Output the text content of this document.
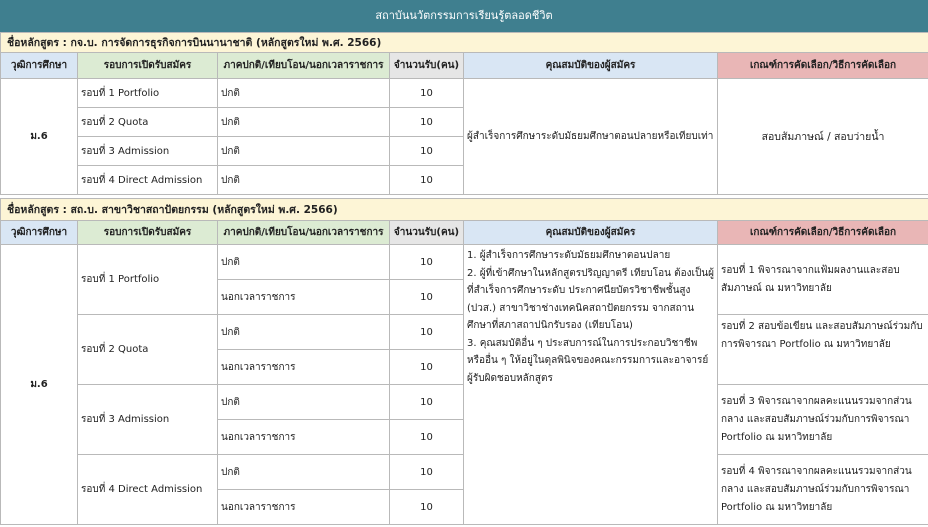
สถาบันนวัตกรรมการเรียนรู้ตลอดชีวิต
ชื่อหลักสูตร : กจ.บ. การจัดการธุรกิจการบินนานาชาติ (หลักสูตรใหม่ พ.ศ. 2566)					
วุฒิการศึกษา	รอบการเปิดรับสมัคร	ภาคปกติ/เทียบโอน/นอกเวลาราชการ	จำนวนรับ(คน)	คุณสมบัติของผู้สมัคร	เกณฑ์การคัดเลือก/วิธีการคัดเลือก
ม.6	รอบที่ 1 Portfolio	ปกติ	10	ผู้สำเร็จการศึกษาระดับมัธยมศึกษาตอนปลายหรือเทียบเท่า	สอบสัมภาษณ์ / สอบว่ายน้ำ
	รอบที่ 2 Quota	ปกติ	10		
	รอบที่ 3 Admission	ปกติ	10		
	รอบที่ 4 Direct Admission	ปกติ	10		
ชื่อหลักสูตร : สถ.บ. สาขาวิชาสถาปัตยกรรม (หลักสูตรใหม่ พ.ศ. 2566)					
วุฒิการศึกษา	รอบการเปิดรับสมัคร	ภาคปกติ/เทียบโอน/นอกเวลาราชการ	จำนวนรับ(คน)	คุณสมบัติของผู้สมัคร	เกณฑ์การคัดเลือก/วิธีการคัดเลือก
ม.6	รอบที่ 1 Portfolio	ปกติ	10	1. ผู้สำเร็จการศึกษาระดับมัธยมศึกษาตอนปลาย
2. ผู้ที่เข้าศึกษาในหลักสูตรปริญญาตรี เทียบโอน ต้องเป็นผู้ที่สำเร็จการศึกษาระดับ ประกาศนียบัตรวิชาชีพชั้นสูง (ปวส.) สาขาวิชาช่างเทคนิคสถาปัตยกรรม จากสถานศึกษาที่สภาสถาปนิกรับรอง (เทียบโอน)
3. คุณสมบัติอื่น ๆ ประสบการณ์ในการประกอบวิชาชีพ หรืออื่น ๆ ให้อยู่ในดุลพินิจของคณะกรรมการและอาจารย์ผู้รับผิดชอบหลักสูตร	รอบที่ 1 พิจารณาจากแฟ้มผลงานและสอบสัมภาษณ์ ณ มหาวิทยาลัย
		นอกเวลาราชการ	10		
	รอบที่ 2 Quota	ปกติ	10		รอบที่ 2 สอบข้อเขียน และสอบสัมภาษณ์ร่วมกับการพิจารณา Portfolio ณ มหาวิทยาลัย
		นอกเวลาราชการ	10		
	รอบที่ 3 Admission	ปกติ	10		รอบที่ 3 พิจารณาจากผลคะแนนรวมจากส่วนกลาง และสอบสัมภาษณ์ร่วมกับการพิจารณา Portfolio ณ มหาวิทยาลัย
		นอกเวลาราชการ	10		
	รอบที่ 4 Direct Admission	ปกติ	10		รอบที่ 4 พิจารณาจากผลคะแนนรวมจากส่วนกลาง และสอบสัมภาษณ์ร่วมกับการพิจารณา Portfolio ณ มหาวิทยาลัย
		นอกเวลาราชการ	10		
